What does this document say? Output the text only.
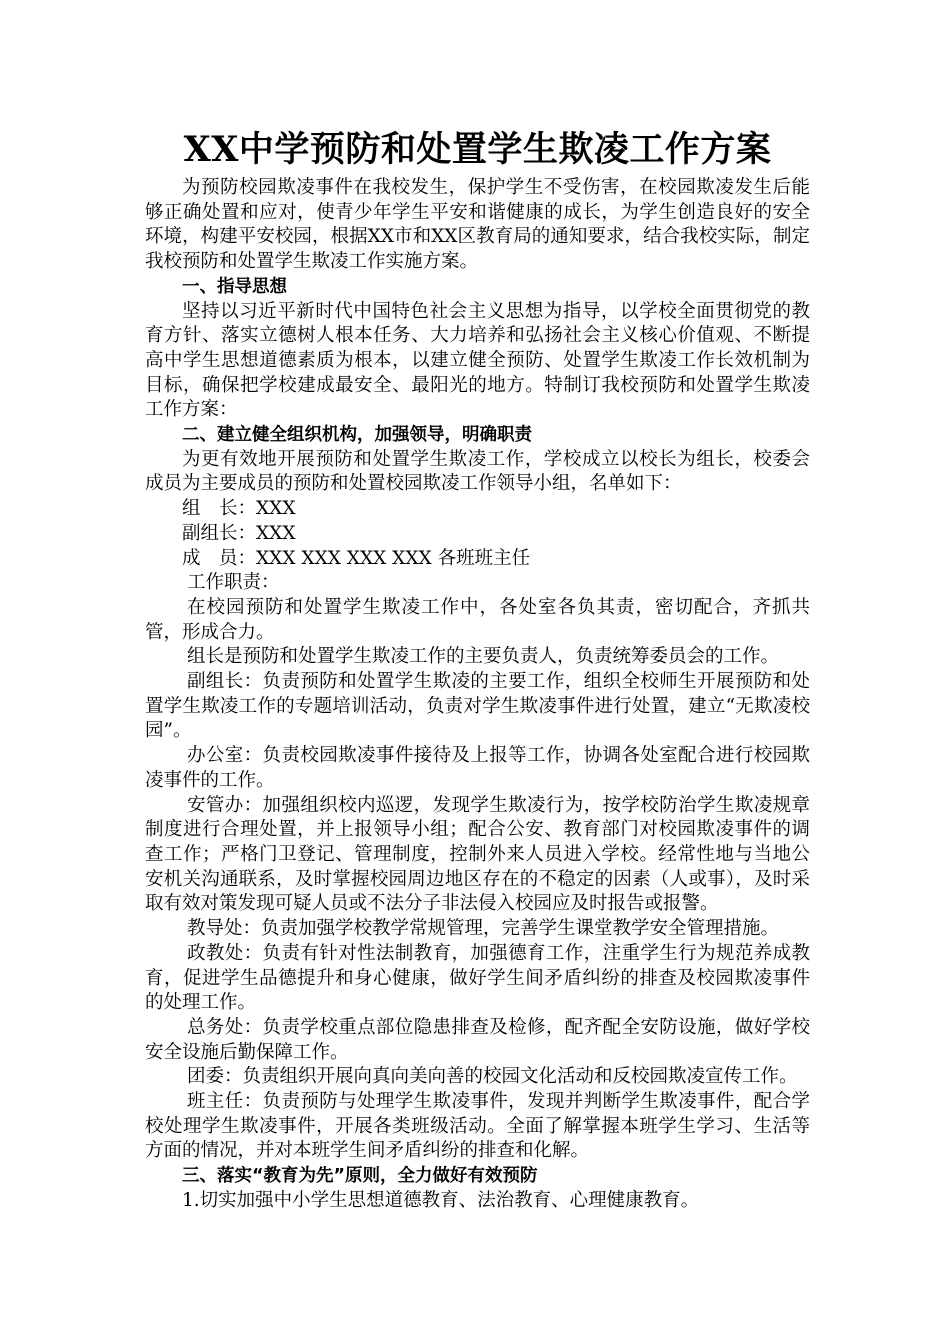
XX中学预防和处置学生欺凌工作方案

为预防校园欺凌事件在我校发生，保护学生不受伤害，在校园欺凌发生后能够正确处置和应对，使青少年学生平安和谐健康的成长，为学生创造良好的安全环境，构建平安校园，根据XX市和XX区教育局的通知要求，结合我校实际，制定我校预防和处置学生欺凌工作实施方案。

一、指导思想

坚持以习近平新时代中国特色社会主义思想为指导，以学校全面贯彻党的教育方针、落实立德树人根本任务、大力培养和弘扬社会主义核心价值观、不断提高中学生思想道德素质为根本，以建立健全预防、处置学生欺凌工作长效机制为目标，确保把学校建成最安全、最阳光的地方。特制订我校预防和处置学生欺凌工作方案：

二、建立健全组织机构，加强领导，明确职责

为更有效地开展预防和处置学生欺凌工作，学校成立以校长为组长，校委会成员为主要成员的预防和处置校园欺凌工作领导小组，名单如下：

组　长：XXX

副组长：XXX

成　员：XXX XXX XXX XXX 各班班主任

工作职责：

在校园预防和处置学生欺凌工作中，各处室各负其责，密切配合，齐抓共管，形成合力。

组长是预防和处置学生欺凌工作的主要负责人，负责统筹委员会的工作。

副组长：负责预防和处置学生欺凌的主要工作，组织全校师生开展预防和处置学生欺凌工作的专题培训活动，负责对学生欺凌事件进行处置，建立“无欺凌校园”。

办公室：负责校园欺凌事件接待及上报等工作，协调各处室配合进行校园欺凌事件的工作。

安管办：加强组织校内巡逻，发现学生欺凌行为，按学校防治学生欺凌规章制度进行合理处置，并上报领导小组；配合公安、教育部门对校园欺凌事件的调查工作；严格门卫登记、管理制度，控制外来人员进入学校。经常性地与当地公安机关沟通联系，及时掌握校园周边地区存在的不稳定的因素（人或事），及时采取有效对策发现可疑人员或不法分子非法侵入校园应及时报告或报警。

教导处：负责加强学校教学常规管理，完善学生课堂教学安全管理措施。

政教处：负责有针对性法制教育，加强德育工作，注重学生行为规范养成教育，促进学生品德提升和身心健康，做好学生间矛盾纠纷的排查及校园欺凌事件的处理工作。

总务处：负责学校重点部位隐患排查及检修，配齐配全安防设施，做好学校安全设施后勤保障工作。

团委：负责组织开展向真向美向善的校园文化活动和反校园欺凌宣传工作。

班主任：负责预防与处理学生欺凌事件，发现并判断学生欺凌事件，配合学校处理学生欺凌事件，开展各类班级活动。全面了解掌握本班学生学习、生活等方面的情况，并对本班学生间矛盾纠纷的排查和化解。

三、落实“教育为先”原则，全力做好有效预防

1.切实加强中小学生思想道德教育、法治教育、心理健康教育。
